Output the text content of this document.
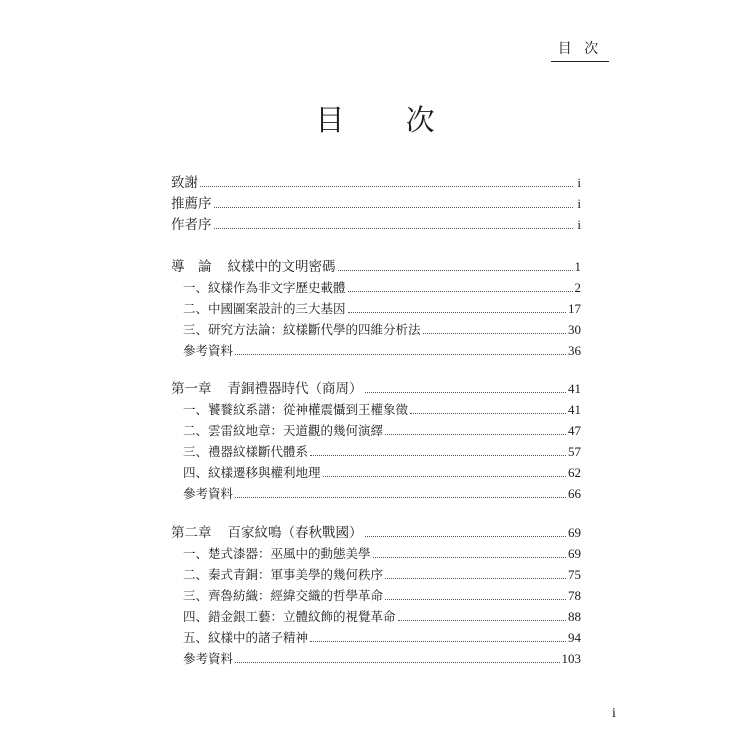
目 次
目 次
致謝	i
推薦序	i
作者序	i
導　論 紋樣中的文明密碼	1
一、紋樣作為非文字歷史載體	2
二、中國圖案設計的三大基因	17
三、研究方法論：紋樣斷代學的四維分析法	30
參考資料	36
第一章 青銅禮器時代（商周）	41
一、饕餮紋系譜：從神權震懾到王權象徵	41
二、雲雷紋地章：天道觀的幾何演繹	47
三、禮器紋樣斷代體系	57
四、紋樣遷移與權利地理	62
參考資料	66
第二章 百家紋鳴（春秋戰國）	69
一、楚式漆器：巫風中的動態美學	69
二、秦式青銅：軍事美學的幾何秩序	75
三、齊魯紡織：經緯交織的哲學革命	78
四、錯金銀工藝：立體紋飾的視覺革命	88
五、紋樣中的諸子精神	94
參考資料	103
i
